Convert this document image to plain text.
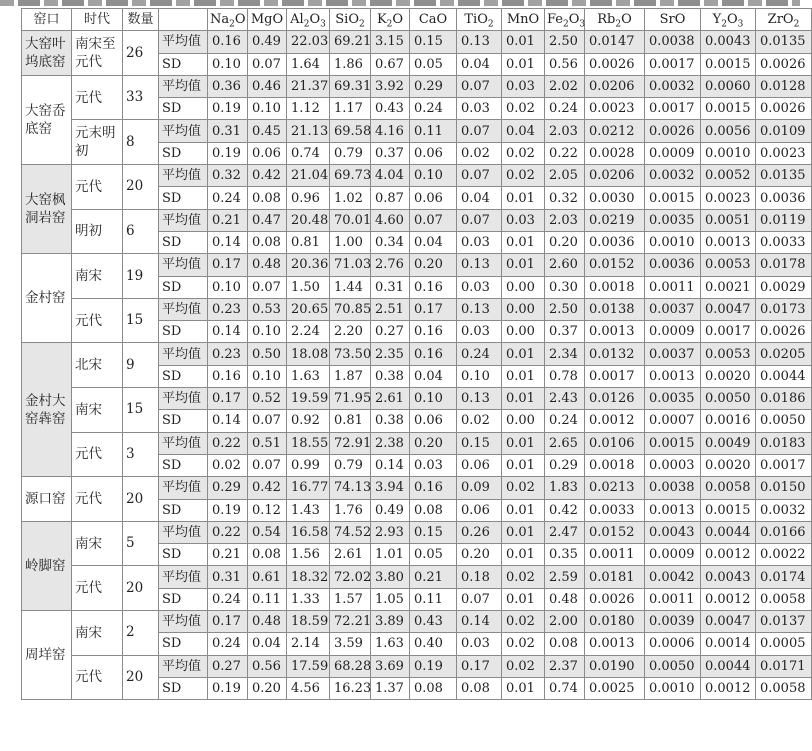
窑口	时代	数量		$Na_2O$	MgO	$Al_2O_3$	SiO$_2$	$K_2O$	CaO	TiO$_2$	MnO	$Fe_2O_3$	$Rb_2O$	SrO	$Y_2O_3$	ZrO$_2$
大窑叶坞底窑	南宋至元代	26	平均值	0.16	0.49	22.03	69.21	3.15	0.15	0.13	0.01	2.50	0.0147	0.0038	0.0043	0.0135
			SD	0.10	0.07	1.64	1.86	0.67	0.05	0.04	0.01	0.56	0.0026	0.0017	0.0015	0.0026
大窑岙底窑	元代	33	平均值	0.36	0.46	21.37	69.31	3.92	0.29	0.07	0.03	2.02	0.0206	0.0032	0.0060	0.0128
			SD	0.19	0.10	1.12	1.17	0.43	0.24	0.03	0.02	0.24	0.0023	0.0017	0.0015	0.0026
	元末明初	8	平均值	0.31	0.45	21.13	69.58	4.16	0.11	0.07	0.04	2.03	0.0212	0.0026	0.0056	0.0109
			SD	0.19	0.06	0.74	0.79	0.37	0.06	0.02	0.02	0.22	0.0028	0.0009	0.0010	0.0023
大窑枫洞岩窑	元代	20	平均值	0.32	0.42	21.04	69.73	4.04	0.10	0.07	0.02	2.05	0.0206	0.0032	0.0052	0.0135
			SD	0.24	0.08	0.96	1.02	0.87	0.06	0.04	0.01	0.32	0.0030	0.0015	0.0023	0.0036
	明初	6	平均值	0.21	0.47	20.48	70.01	4.60	0.07	0.07	0.03	2.03	0.0219	0.0035	0.0051	0.0119
			SD	0.14	0.08	0.81	1.00	0.34	0.04	0.03	0.01	0.20	0.0036	0.0010	0.0013	0.0033
金村窑	南宋	19	平均值	0.17	0.48	20.36	71.03	2.76	0.20	0.13	0.01	2.60	0.0152	0.0036	0.0053	0.0178
			SD	0.10	0.07	1.50	1.44	0.31	0.16	0.03	0.00	0.30	0.0018	0.0011	0.0021	0.0029
	元代	15	平均值	0.23	0.53	20.65	70.85	2.51	0.17	0.13	0.00	2.50	0.0138	0.0037	0.0047	0.0173
			SD	0.14	0.10	2.24	2.20	0.27	0.16	0.03	0.00	0.37	0.0013	0.0009	0.0017	0.0026
金村大窑犇窑	北宋	9	平均值	0.23	0.50	18.08	73.50	2.35	0.16	0.24	0.01	2.34	0.0132	0.0037	0.0053	0.0205
			SD	0.16	0.10	1.63	1.87	0.38	0.04	0.10	0.01	0.78	0.0017	0.0013	0.0020	0.0044
	南宋	15	平均值	0.17	0.52	19.59	71.95	2.61	0.10	0.13	0.01	2.43	0.0126	0.0035	0.0050	0.0186
			SD	0.14	0.07	0.92	0.81	0.38	0.06	0.02	0.00	0.24	0.0012	0.0007	0.0016	0.0050
	元代	3	平均值	0.22	0.51	18.55	72.91	2.38	0.20	0.15	0.01	2.65	0.0106	0.0015	0.0049	0.0183
			SD	0.02	0.07	0.99	0.79	0.14	0.03	0.06	0.01	0.29	0.0018	0.0003	0.0020	0.0017
源口窑	元代	20	平均值	0.29	0.42	16.77	74.13	3.94	0.16	0.09	0.02	1.83	0.0213	0.0038	0.0058	0.0150
			SD	0.19	0.12	1.43	1.76	0.49	0.08	0.06	0.01	0.42	0.0033	0.0013	0.0015	0.0032
岭脚窑	南宋	5	平均值	0.22	0.54	16.58	74.52	2.93	0.15	0.26	0.01	2.47	0.0152	0.0043	0.0044	0.0166
			SD	0.21	0.08	1.56	2.61	1.01	0.05	0.20	0.01	0.35	0.0011	0.0009	0.0012	0.0022
	元代	20	平均值	0.31	0.61	18.32	72.02	3.80	0.21	0.18	0.02	2.59	0.0181	0.0042	0.0043	0.0174
			SD	0.24	0.11	1.33	1.57	1.05	0.11	0.07	0.01	0.48	0.0026	0.0011	0.0012	0.0058
周垟窑	南宋	2	平均值	0.17	0.48	18.59	72.21	3.89	0.43	0.14	0.02	2.00	0.0180	0.0039	0.0047	0.0137
			SD	0.24	0.04	2.14	3.59	1.63	0.40	0.03	0.02	0.08	0.0013	0.0006	0.0014	0.0005
	元代	20	平均值	0.27	0.56	17.59	68.28	3.69	0.19	0.17	0.02	2.37	0.0190	0.0050	0.0044	0.0171
			SD	0.19	0.20	4.56	16.23	1.37	0.08	0.08	0.01	0.74	0.0025	0.0010	0.0012	0.0058
